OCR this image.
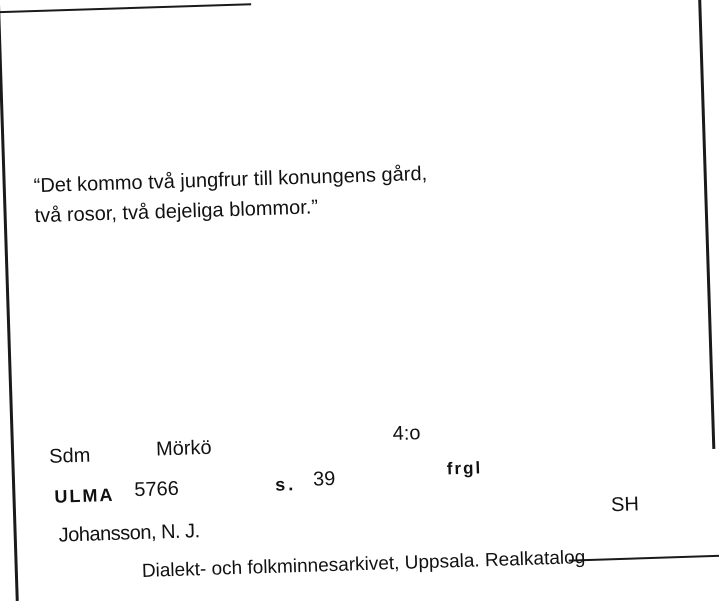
“Det kommo två jungfrur till konungens gård,
två rosor, två dejeliga blommor.”
Sdm	Mörkö
4:o
ULMA 5766	s. 39	frgl
Johansson, N. J.
SH
Dialekt- och folkminnesarkivet, Uppsala. Realkatalog
